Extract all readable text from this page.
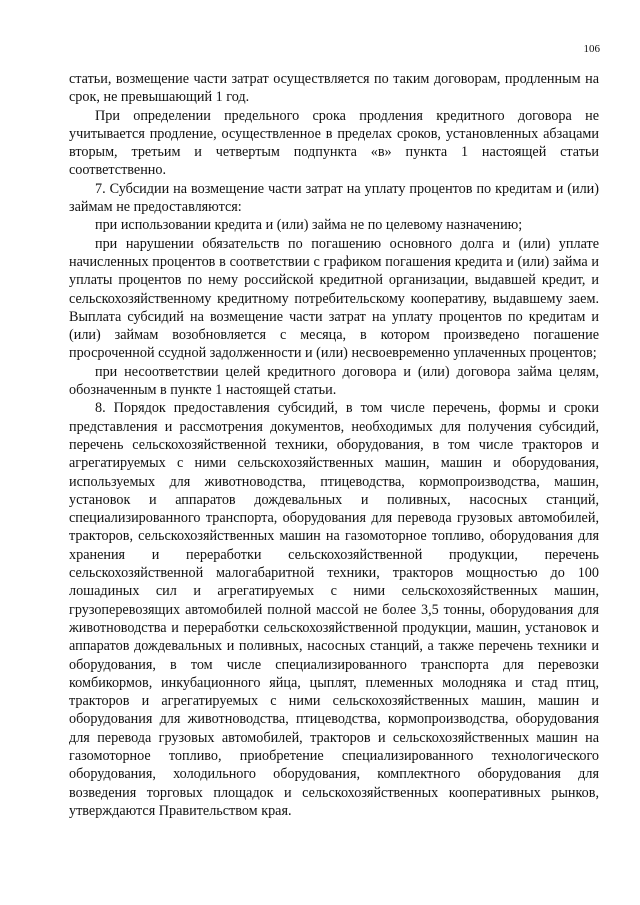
106

статьи, возмещение части затрат осуществляется по таким договорам, продленным на срок, не превышающий 1 год.

При определении предельного срока продления кредитного договора не учитывается продление, осуществленное в пределах сроков, установленных абзацами вторым, третьим и четвертым подпункта «в» пункта 1 настоящей статьи соответственно.

7. Субсидии на возмещение части затрат на уплату процентов по кредитам и (или) займам не предоставляются:

при использовании кредита и (или) займа не по целевому назначению;

при нарушении обязательств по погашению основного долга и (или) уплате начисленных процентов в соответствии с графиком погашения кредита и (или) займа и уплаты процентов по нему российской кредитной организации, выдавшей кредит, и сельскохозяйственному кредитному потребительскому кооперативу, выдавшему заем. Выплата субсидий на возмещение части затрат на уплату процентов по кредитам и (или) займам возобновляется с месяца, в котором произведено погашение просроченной ссудной задолженности и (или) несвоевременно уплаченных процентов;

при несоответствии целей кредитного договора и (или) договора займа целям, обозначенным в пункте 1 настоящей статьи.

8. Порядок предоставления субсидий, в том числе перечень, формы и сроки представления и рассмотрения документов, необходимых для получения субсидий, перечень сельскохозяйственной техники, оборудования, в том числе тракторов и агрегатируемых с ними сельскохозяйственных машин, машин и оборудования, используемых для животноводства, птицеводства, кормопроизводства, машин, установок и аппаратов дождевальных и поливных, насосных станций, специализированного транспорта, оборудования для перевода грузовых автомобилей, тракторов, сельскохозяйственных машин на газомоторное топливо, оборудования для хранения и переработки сельскохозяйственной продукции, перечень сельскохозяйственной малогабаритной техники, тракторов мощностью до 100 лошадиных сил и агрегатируемых с ними сельскохозяйственных машин, грузоперевозящих автомобилей полной массой не более 3,5 тонны, оборудования для животноводства и переработки сельскохозяйственной продукции, машин, установок и аппаратов дождевальных и поливных, насосных станций, а также перечень техники и оборудования, в том числе специализированного транспорта для перевозки комбикормов, инкубационного яйца, цыплят, племенных молодняка и стад птиц, тракторов и агрегатируемых с ними сельскохозяйственных машин, машин и оборудования для животноводства, птицеводства, кормопроизводства, оборудования для перевода грузовых автомобилей, тракторов и сельскохозяйственных машин на газомоторное топливо, приобретение специализированного технологического оборудования, холодильного оборудования, комплектного оборудования для возведения торговых площадок и сельскохозяйственных кооперативных рынков, утверждаются Правительством края.
